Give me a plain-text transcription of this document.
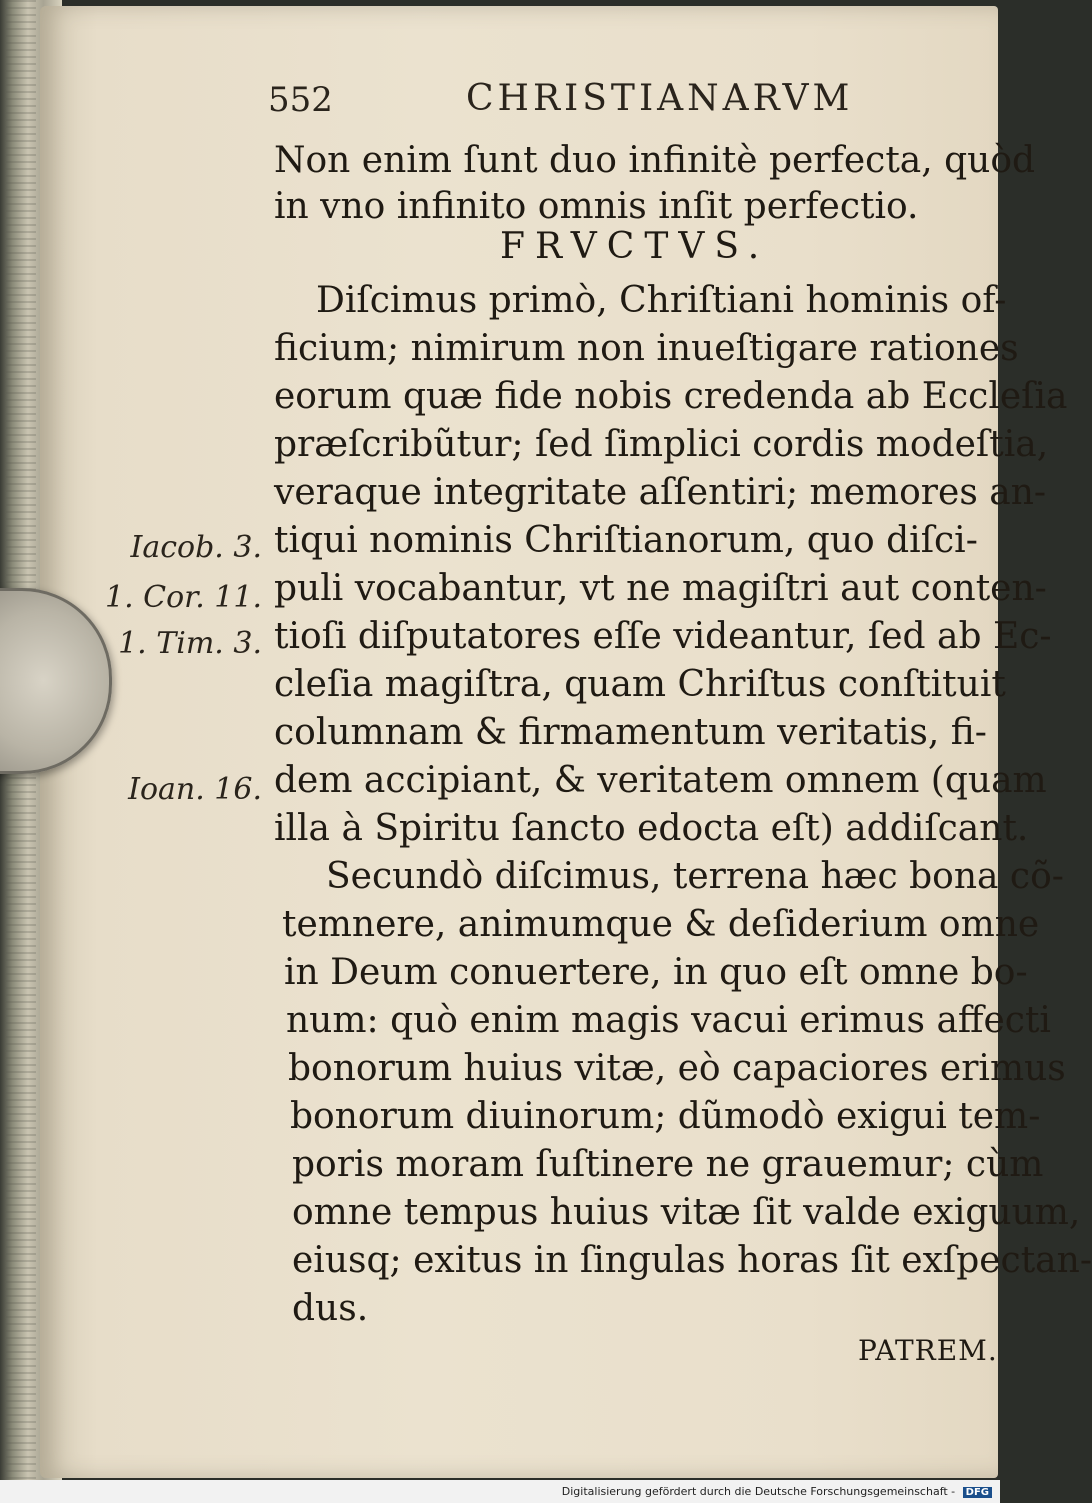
552	CHRISTIANARVM
Non enim ſunt duo infinitè perfecta, quòd
in vno infinito omnis inſit perfectio.
FRVCTVS.
Diſcimus primò, Chriſtiani hominis of-
ficium; nimirum non inueſtigare rationes
eorum quæ fide nobis credenda ab Eccleſia
præſcribũtur; ſed ſimplici cordis modeſtia,
veraque integritate aſſentiri; memores an-
tiqui nominis Chriſtianorum, quo diſci-
puli vocabantur, vt ne magiſtri aut conten-
tioſi diſputatores eſſe videantur, ſed ab Ec-
cleſia magiſtra, quam Chriſtus conſtituit
columnam & firmamentum veritatis, fi-
dem accipiant, & veritatem omnem (quam
illa à Spiritu ſancto edocta eſt) addiſcant.
Secundò diſcimus, terrena hæc bona cõ-
temnere, animumque & deſiderium omne
in Deum conuertere, in quo eſt omne bo-
num: quò enim magis vacui erimus affecti
bonorum huius vitæ, eò capaciores erimus
bonorum diuinorum; dũmodò exigui tem-
poris moram ſuſtinere ne grauemur; cùm
omne tempus huius vitæ ſit valde exiguum,
eiusq; exitus in ſingulas horas ſit exſpectan-
dus.
Iacob. 3.
1. Cor. 11.
1. Tim. 3.
Ioan. 16.
PATREM.
Digitalisierung gefördert durch die Deutsche Forschungsgemeinschaft - DFG
